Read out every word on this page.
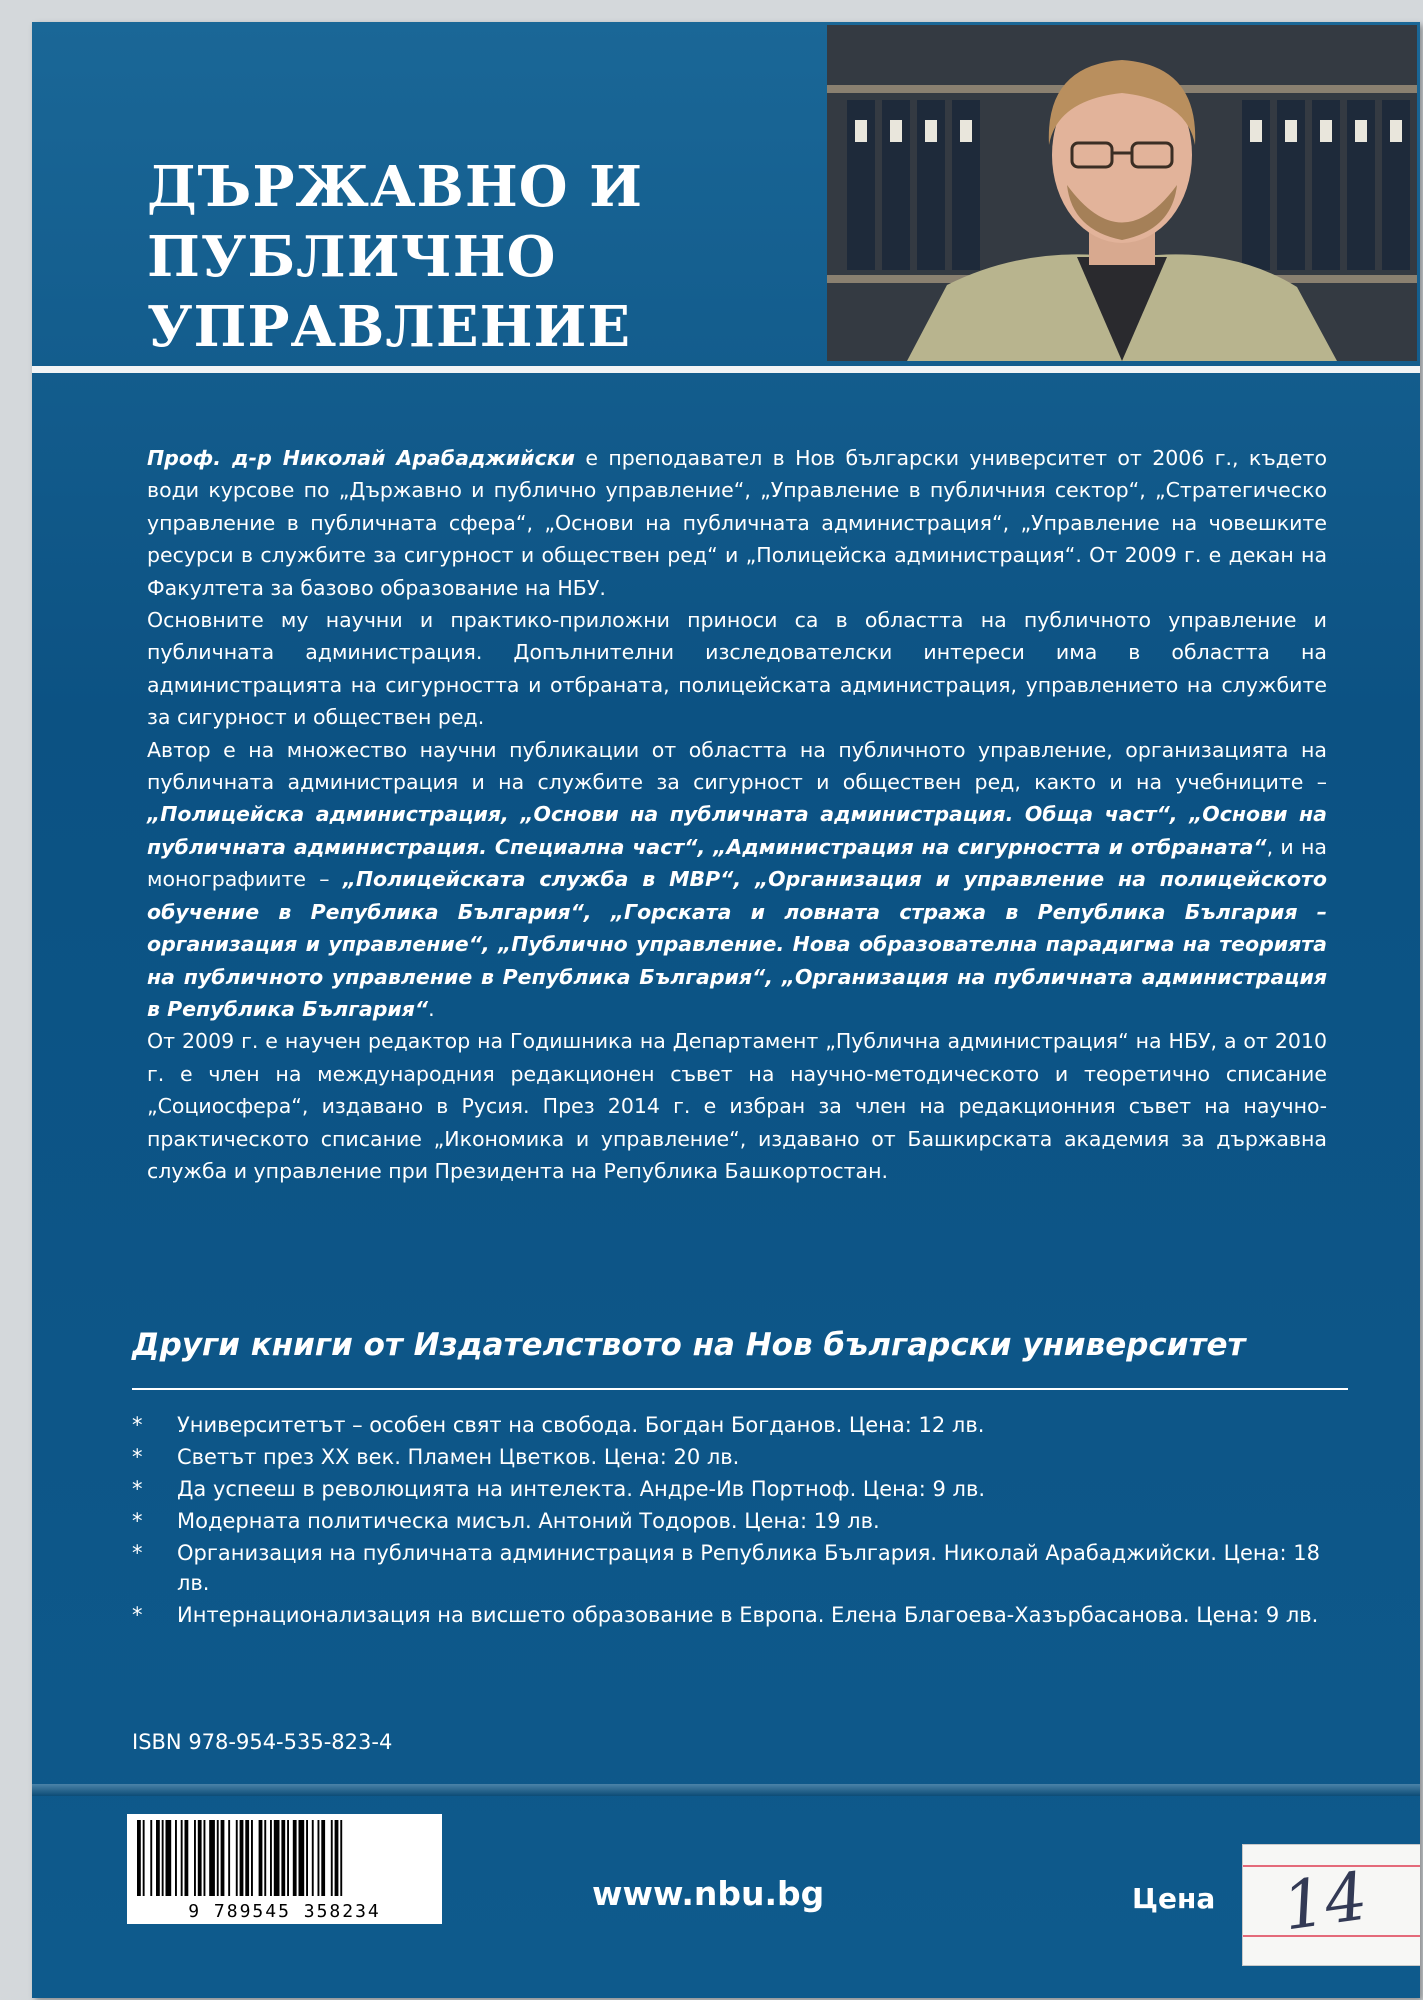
ДЪРЖАВНО И
ПУБЛИЧНО
УПРАВЛЕНИЕ

Проф. д-р Николай Арабаджийски е преподавател в Нов български университет от 2006 г., където води курсове по „Държавно и публично управление“, „Управление в публичния сектор“, „Стратегическо управление в публичната сфера“, „Основи на публичната администрация“, „Управление на човешките ресурси в службите за сигурност и обществен ред“ и „Полицейска администрация“. От 2009 г. е декан на Факултета за базово образование на НБУ.

Основните му научни и практико-приложни приноси са в областта на публичното управление и публичната администрация. Допълнителни изследователски интереси има в областта на администрацията на сигурността и отбраната, полицейската администрация, управлението на службите за сигурност и обществен ред.

Автор е на множество научни публикации от областта на публичното управление, организацията на публичната администрация и на службите за сигурност и обществен ред, както и на учебниците – „Полицейска администрация, „Основи на публичната администрация. Обща част“, „Основи на публичната администрация. Специална част“, „Администрация на сигурността и отбраната“, и на монографиите – „Полицейската служба в МВР“, „Организация и управление на полицейското обучение в Република България“, „Горската и ловната стража в Република България – организация и управление“, „Публично управление. Нова образователна парадигма на теорията на публичното управление в Република България“, „Организация на публичната администрация в Република България“.

От 2009 г. е научен редактор на Годишника на Департамент „Публична администрация“ на НБУ, а от 2010 г. е член на международния редакционен съвет на научно-методическото и теоретично списание „Социосфера“, издавано в Русия. През 2014 г. е избран за член на редакционния съвет на научно-практическото списание „Икономика и управление“, издавано от Башкирската академия за държавна служба и управление при Президента на Република Башкортостан.

Други книги от Издателството на Нов български университет
* Университетът – особен свят на свобода. Богдан Богданов. Цена: 12 лв.
* Светът през XX век. Пламен Цветков. Цена: 20 лв.
* Да успееш в революцията на интелекта. Андре-Ив Портноф. Цена: 9 лв.
* Модерната политическа мисъл. Антоний Тодоров. Цена: 19 лв.
* Организация на публичната администрация в Република България. Николай Арабаджийски. Цена: 18 лв.
* Интернационализация на висшето образование в Европа. Елена Благоева-Хазърбасанова. Цена: 9 лв.
ISBN 978-954-535-823-4
9 789545 358234	www.nbu.bg	Цена 14
